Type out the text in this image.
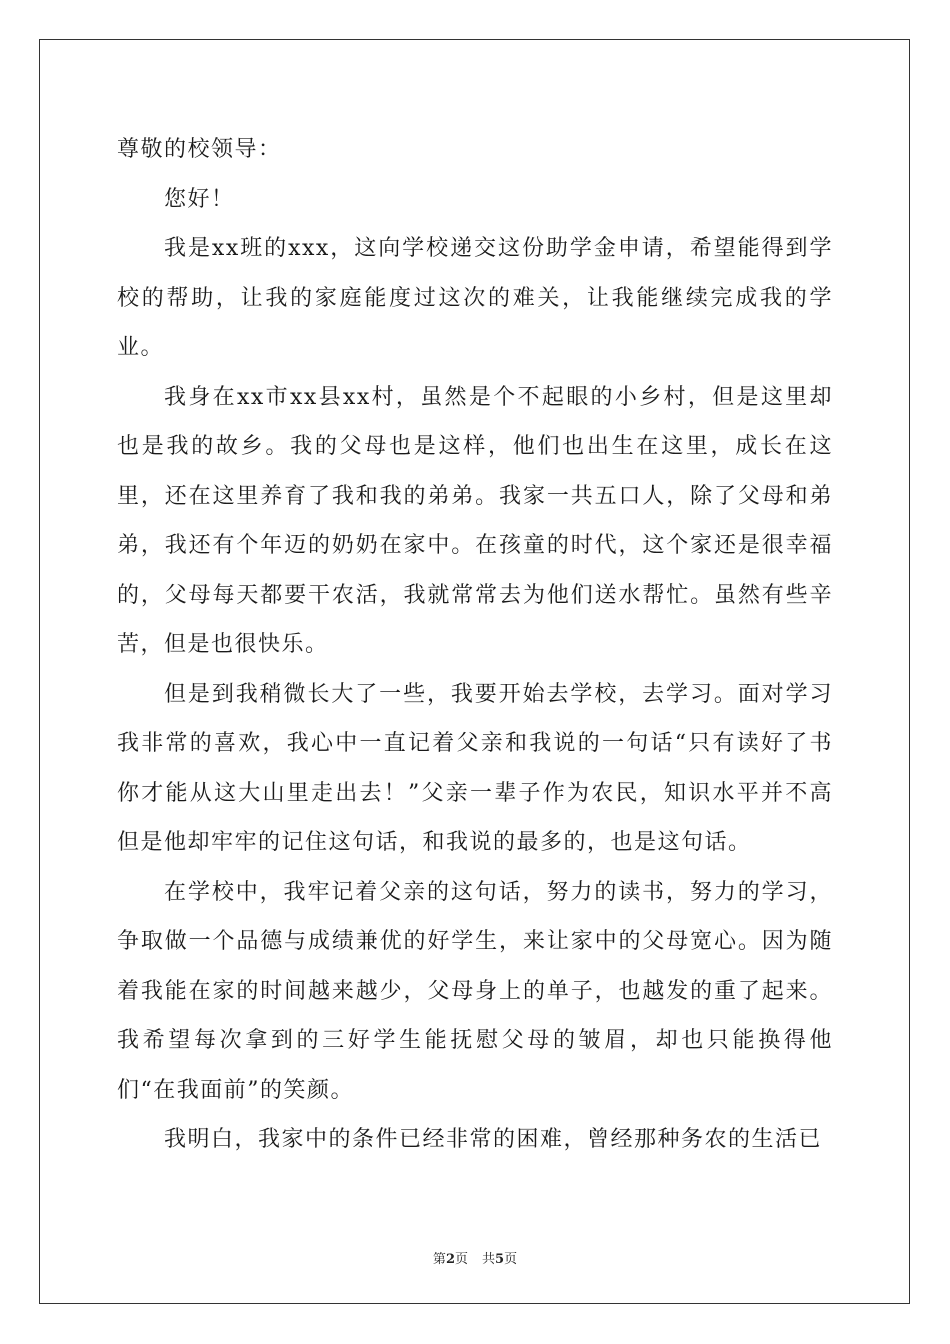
尊敬的校领导：

您好！

我是xx班的xxx，这向学校递交这份助学金申请，希望能得到学校的帮助，让我的家庭能度过这次的难关，让我能继续完成我的学业。

我身在xx市xx县xx村，虽然是个不起眼的小乡村，但是这里却也是我的故乡。我的父母也是这样，他们也出生在这里，成长在这里，还在这里养育了我和我的弟弟。我家一共五口人，除了父母和弟弟，我还有个年迈的奶奶在家中。在孩童的时代，这个家还是很幸福的，父母每天都要干农活，我就常常去为他们送水帮忙。虽然有些辛苦，但是也很快乐。

但是到我稍微长大了一些，我要开始去学校，去学习。面对学习我非常的喜欢，我心中一直记着父亲和我说的一句话“只有读好了书你才能从这大山里走出去！”父亲一辈子作为农民，知识水平并不高但是他却牢牢的记住这句话，和我说的最多的，也是这句话。

在学校中，我牢记着父亲的这句话，努力的读书，努力的学习，争取做一个品德与成绩兼优的好学生，来让家中的父母宽心。因为随着我能在家的时间越来越少，父母身上的单子，也越发的重了起来。我希望每次拿到的三好学生能抚慰父母的皱眉，却也只能换得他们“在我面前”的笑颜。

我明白，我家中的条件已经非常的困难，曾经那种务农的生活已

第2页 共5页
